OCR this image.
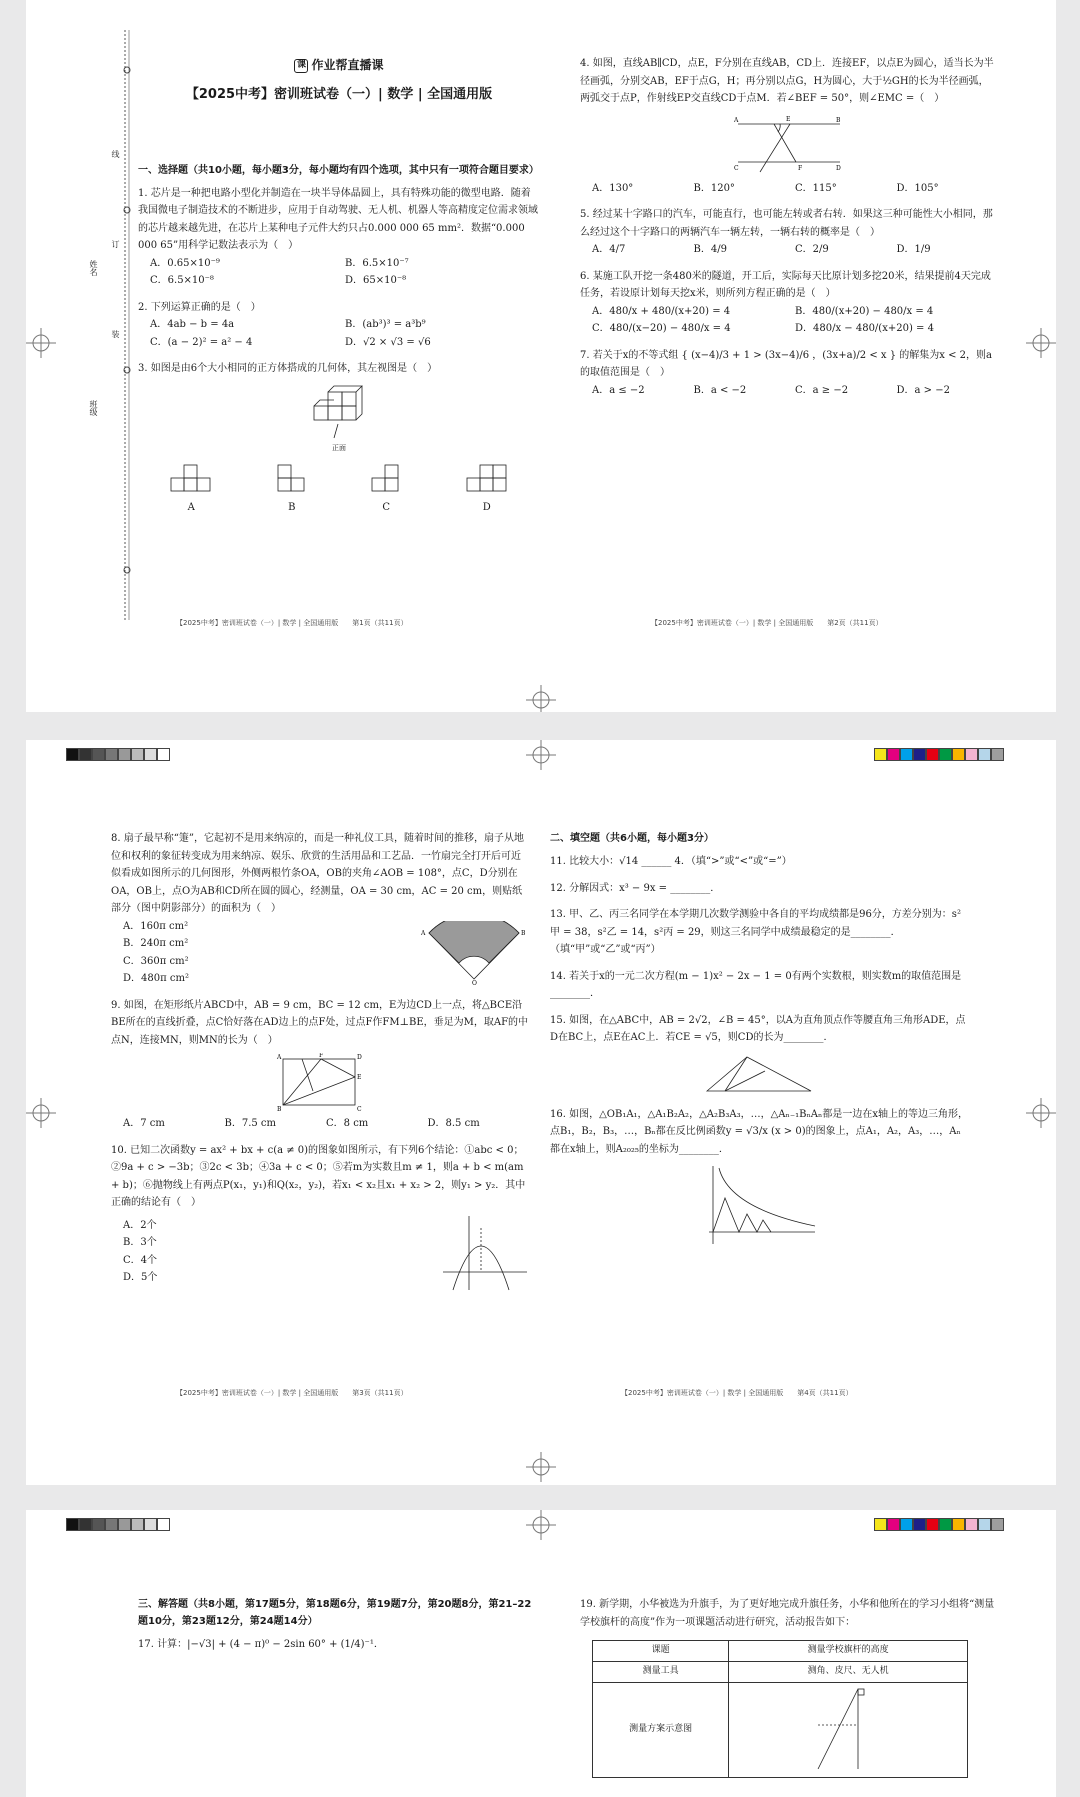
姓名
班级
线
订
装
课 作业帮直播课
【2025中考】密训班试卷（一）| 数学 | 全国通用版
一、选择题（共10小题，每小题3分，每小题均有四个选项，其中只有一项符合题目要求）
1. 芯片是一种把电路小型化并制造在一块半导体晶圆上，具有特殊功能的微型电路．随着我国微电子制造技术的不断进步，应用于自动驾驶、无人机、机器人等高精度定位需求领域的芯片越来越先进，在芯片上某种电子元件大约只占0.000 000 65 mm²．数据“0.000 000 65”用科学记数法表示为（　）
A．0.65×10⁻⁹	B．6.5×10⁻⁷
C．6.5×10⁻⁸	D．65×10⁻⁸
2. 下列运算正确的是（　）
A．4ab − b = 4a	B．(ab³)³ = a³b⁹
C．(a − 2)² = a² − 4	D．√2 × √3 = √6
3. 如图是由6个大小相同的正方体搭成的几何体，其左视图是（　）
正面
A	B	C	D
【2025中考】密训班试卷（一）| 数学 | 全国通用版　　第1页（共11页）
4. 如图，直线AB∥CD，点E，F分别在直线AB，CD上．连接EF，以点E为圆心，适当长为半径画弧，分别交AB，EF于点G，H；再分别以点G，H为圆心，大于½GH的长为半径画弧，两弧交于点P，作射线EP交直线CD于点M．若∠BEF = 50°，则∠EMC =（　）
A	B
C	D
E
F
A．130°	B．120°	C．115°	D．105°
5. 经过某十字路口的汽车，可能直行，也可能左转或者右转．如果这三种可能性大小相同，那么经过这个十字路口的两辆汽车一辆左转，一辆右转的概率是（　）
A．4/7	B．4/9	C．2/9	D．1/9
6. 某施工队开挖一条480米的隧道，开工后，实际每天比原计划多挖20米，结果提前4天完成任务，若设原计划每天挖x米，则所列方程正确的是（　）
A．480/x + 480/(x+20) = 4	B．480/(x+20) − 480/x = 4
C．480/(x−20) − 480/x = 4	D．480/x − 480/(x+20) = 4
7. 若关于x的不等式组 { (x−4)/3 + 1 > (3x−4)/6 ，(3x+a)/2 < x } 的解集为x < 2，则a的取值范围是（　）
A．a ≤ −2	B．a < −2	C．a ≥ −2	D．a > −2
【2025中考】密训班试卷（一）| 数学 | 全国通用版　　第2页（共11页）
8. 扇子最早称“箑”，它起初不是用来纳凉的，而是一种礼仪工具，随着时间的推移，扇子从地位和权利的象征转变成为用来纳凉、娱乐、欣赏的生活用品和工艺品．一竹扇完全打开后可近似看成如图所示的几何图形，外侧两根竹条OA，OB的夹角∠AOB = 108°，点C，D分别在OA，OB上，点O为AB和CD所在圆的圆心，经测量，OA = 30 cm，AC = 20 cm，则贴纸部分（图中阴影部分）的面积为（　）
A．160π cm²
B．240π cm²
C．360π cm²
D．480π cm²
A	B
O
9. 如图，在矩形纸片ABCD中，AB = 9 cm，BC = 12 cm，E为边CD上一点，将△BCE沿BE所在的直线折叠，点C恰好落在AD边上的点F处，过点F作FM⊥BE，垂足为M，取AF的中点N，连接MN，则MN的长为（　）
A	D
B	C
E
F
A．7 cm	B．7.5 cm	C．8 cm	D．8.5 cm
10. 已知二次函数y = ax² + bx + c(a ≠ 0)的图象如图所示，有下列6个结论：①abc < 0；②9a + c > −3b；③2c < 3b；④3a + c < 0；⑤若m为实数且m ≠ 1，则a + b < m(am + b)；⑥抛物线上有两点P(x₁，y₁)和Q(x₂，y₂)，若x₁ < x₂且x₁ + x₂ > 2，则y₁ > y₂．其中正确的结论有（　）
A．2个
B．3个
C．4个
D．5个
【2025中考】密训班试卷（一）| 数学 | 全国通用版　　第3页（共11页）
二、填空题（共6小题，每小题3分）
11. 比较大小：√14 ______ 4．（填“>”或“<”或“=”）
12. 分解因式：x³ − 9x = ________．
13. 甲、乙、丙三名同学在本学期几次数学测验中各自的平均成绩都是96分，方差分别为：s²甲 = 38，s²乙 = 14，s²丙 = 29，则这三名同学中成绩最稳定的是________．（填“甲”或“乙”或“丙”）
14. 若关于x的一元二次方程(m − 1)x² − 2x − 1 = 0有两个实数根，则实数m的取值范围是________．
15. 如图，在△ABC中，AB = 2√2，∠B = 45°，以A为直角顶点作等腰直角三角形ADE，点D在BC上，点E在AC上．若CE = √5，则CD的长为________．
16. 如图，△OB₁A₁，△A₁B₂A₂，△A₂B₃A₃，…，△Aₙ₋₁BₙAₙ都是一边在x轴上的等边三角形，点B₁，B₂，B₃，…，Bₙ都在反比例函数y = √3/x (x > 0)的图象上，点A₁，A₂，A₃，…，Aₙ都在x轴上，则A₂₀₂₅的坐标为________．
【2025中考】密训班试卷（一）| 数学 | 全国通用版　　第4页（共11页）
三、解答题（共8小题，第17题5分，第18题6分，第19题7分，第20题8分，第21–22题10分，第23题12分，第24题14分）
17. 计算：|−√3| + (4 − π)⁰ − 2sin 60° + (1/4)⁻¹．
19. 新学期，小华被选为升旗手，为了更好地完成升旗任务，小华和他所在的学习小组将“测量学校旗杆的高度”作为一项课题活动进行研究，活动报告如下：
课题	测量学校旗杆的高度
测量工具	测角、皮尺、无人机
测量方案示意图	
